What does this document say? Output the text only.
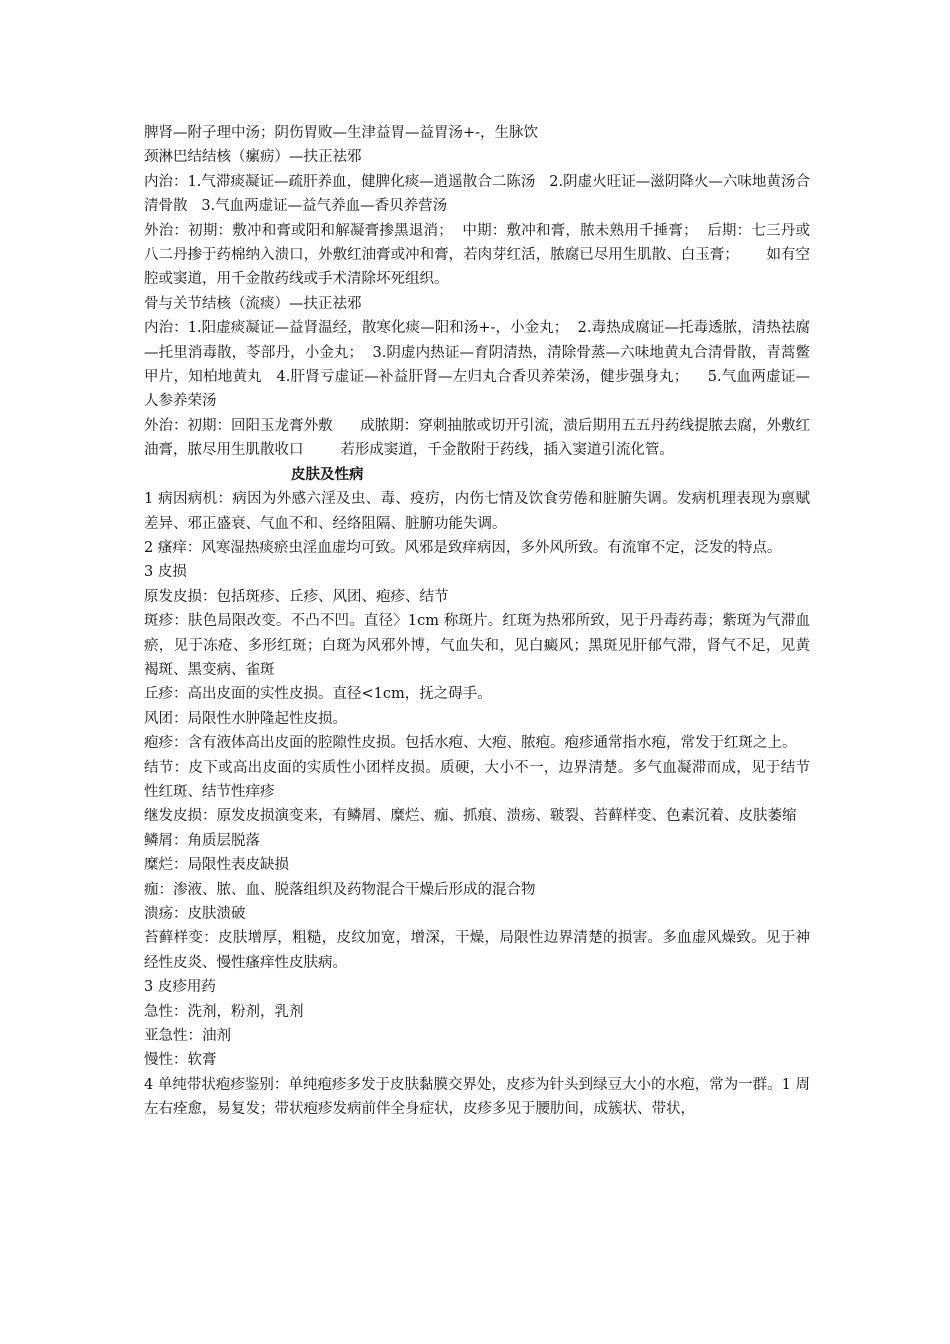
脾肾—附子理中汤；阴伤胃败—生津益胃—益胃汤+-，生脉饮

颈淋巴结结核（瘰疬）—扶正祛邪

内治：1.气滞痰凝证—疏肝养血，健脾化痰—逍遥散合二陈汤   2.阴虚火旺证—滋阴降火—六味地黄汤合清骨散   3.气血两虚证—益气养血—香贝养营汤

外治：初期：敷冲和膏或阳和解凝膏掺黑退消；  中期：敷冲和膏，脓未熟用千捶膏；  后期：七三丹或八二丹掺于药棉纳入溃口，外敷红油膏或冲和膏，若肉芽红活，脓腐已尽用生肌散、白玉膏；      如有空腔或窦道，用千金散药线或手术清除坏死组织。

骨与关节结核（流痰）—扶正祛邪

内治：1.阳虚痰凝证—益肾温经，散寒化痰—阳和汤+-，小金丸；  2.毒热成腐证—托毒透脓，清热祛腐—托里消毒散，苓部丹，小金丸；  3.阴虚内热证—育阴清热，清除骨蒸—六味地黄丸合清骨散，青蒿鳖甲片，知柏地黄丸   4.肝肾亏虚证—补益肝肾—左归丸合香贝养荣汤，健步强身丸；    5.气血两虚证—人参养荣汤

外治：初期：回阳玉龙膏外敷      成脓期：穿刺抽脓或切开引流，溃后期用五五丹药线提脓去腐，外敷红油膏，脓尽用生肌散收口        若形成窦道，千金散附于药线，插入窦道引流化管。

皮肤及性病

1 病因病机：病因为外感六淫及虫、毒、疫疠，内伤七情及饮食劳倦和脏腑失调。发病机理表现为禀赋差异、邪正盛衰、气血不和、经络阻隔、脏腑功能失调。

2 瘙痒：风寒湿热痰瘀虫淫血虚均可致。风邪是致痒病因，多外风所致。有流窜不定，泛发的特点。

3 皮损

原发皮损：包括斑疹、丘疹、风团、疱疹、结节

斑疹：肤色局限改变。不凸不凹。直径〉1cm 称斑片。红斑为热邪所致，见于丹毒药毒；紫斑为气滞血瘀，见于冻疮、多形红斑；白斑为风邪外博，气血失和，见白癜风；黑斑见肝郁气滞，肾气不足，见黄褐斑、黑变病、雀斑

丘疹：高出皮面的实性皮损。直径<1cm，抚之碍手。

风团：局限性水肿隆起性皮损。

疱疹：含有液体高出皮面的腔隙性皮损。包括水疱、大疱、脓疱。疱疹通常指水疱，常发于红斑之上。

结节：皮下或高出皮面的实质性小团样皮损。质硬，大小不一，边界清楚。多气血凝滞而成，见于结节性红斑、结节性痒疹

继发皮损：原发皮损演变来，有鳞屑、糜烂、痂、抓痕、溃疡、皲裂、苔藓样变、色素沉着、皮肤萎缩

鳞屑：角质层脱落

糜烂：局限性表皮缺损

痂：渗液、脓、血、脱落组织及药物混合干燥后形成的混合物

溃疡：皮肤溃破

苔藓样变：皮肤增厚，粗糙，皮纹加宽，增深，干燥，局限性边界清楚的损害。多血虚风燥致。见于神经性皮炎、慢性瘙痒性皮肤病。

3 皮疹用药

急性：洗剂，粉剂，乳剂

亚急性：油剂

慢性：软膏

4 单纯带状疱疹鉴别：单纯疱疹多发于皮肤黏膜交界处，皮疹为针头到绿豆大小的水疱，常为一群。1 周左右痊愈，易复发；带状疱疹发病前伴全身症状，皮疹多见于腰肋间，成簇状、带状，
